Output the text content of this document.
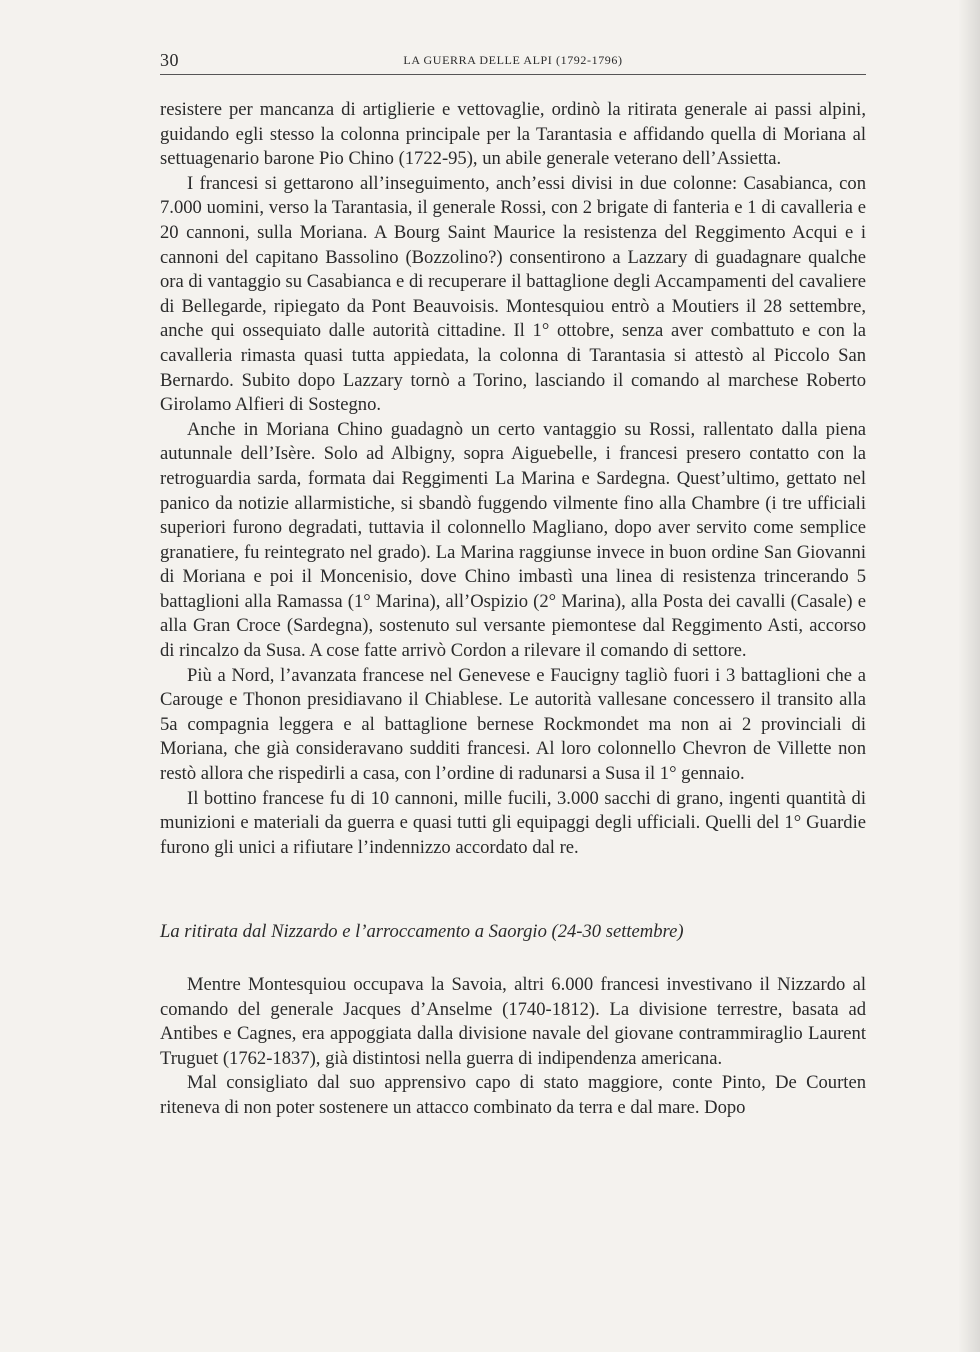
30	LA GUERRA DELLE ALPI (1792-1796)

resistere per mancanza di artiglierie e vettovaglie, ordinò la ritirata generale ai passi alpini, guidando egli stesso la colonna principale per la Tarantasia e affidando quella di Moriana al settuagenario barone Pio Chino (1722-95), un abile generale veterano dell’Assietta.

I francesi si gettarono all’inseguimento, anch’essi divisi in due colonne: Casabianca, con 7.000 uomini, verso la Tarantasia, il generale Rossi, con 2 brigate di fanteria e 1 di cavalleria e 20 cannoni, sulla Moriana. A Bourg Saint Maurice la resistenza del Reggimento Acqui e i cannoni del capitano Bassolino (Bozzolino?) consentirono a Lazzary di guadagnare qualche ora di vantaggio su Casabianca e di recuperare il battaglione degli Accampamenti del cavaliere di Bellegarde, ripiegato da Pont Beauvoisis. Montesquiou entrò a Moutiers il 28 settembre, anche qui ossequiato dalle autorità cittadine. Il 1° ottobre, senza aver combattuto e con la cavalleria rimasta quasi tutta appiedata, la colonna di Tarantasia si attestò al Piccolo San Bernardo. Subito dopo Lazzary tornò a Torino, lasciando il comando al marchese Roberto Girolamo Alfieri di Sostegno.

Anche in Moriana Chino guadagnò un certo vantaggio su Rossi, rallentato dalla piena autunnale dell’Isère. Solo ad Albigny, sopra Aiguebelle, i francesi presero contatto con la retroguardia sarda, formata dai Reggimenti La Marina e Sardegna. Quest’ultimo, gettato nel panico da notizie allarmistiche, si sbandò fuggendo vilmente fino alla Chambre (i tre ufficiali superiori furono degradati, tuttavia il colonnello Magliano, dopo aver servito come semplice granatiere, fu reintegrato nel grado). La Marina raggiunse invece in buon ordine San Giovanni di Moriana e poi il Moncenisio, dove Chino imbastì una linea di resistenza trincerando 5 battaglioni alla Ramassa (1° Marina), all’Ospizio (2° Marina), alla Posta dei cavalli (Casale) e alla Gran Croce (Sardegna), sostenuto sul versante piemontese dal Reggimento Asti, accorso di rincalzo da Susa. A cose fatte arrivò Cordon a rilevare il comando di settore.

Più a Nord, l’avanzata francese nel Genevese e Faucigny tagliò fuori i 3 battaglioni che a Carouge e Thonon presidiavano il Chiablese. Le autorità vallesane concessero il transito alla 5a compagnia leggera e al battaglione bernese Rockmondet ma non ai 2 provinciali di Moriana, che già consideravano sudditi francesi. Al loro colonnello Chevron de Villette non restò allora che rispedirli a casa, con l’ordine di radunarsi a Susa il 1° gennaio.

Il bottino francese fu di 10 cannoni, mille fucili, 3.000 sacchi di grano, ingenti quantità di munizioni e materiali da guerra e quasi tutti gli equipaggi degli ufficiali. Quelli del 1° Guardie furono gli unici a rifiutare l’indennizzo accordato dal re.

La ritirata dal Nizzardo e l’arroccamento a Saorgio (24-30 settembre)

Mentre Montesquiou occupava la Savoia, altri 6.000 francesi investivano il Nizzardo al comando del generale Jacques d’Anselme (1740-1812). La divisione terrestre, basata ad Antibes e Cagnes, era appoggiata dalla divisione navale del giovane contrammiraglio Laurent Truguet (1762-1837), già distintosi nella guerra di indipendenza americana.

Mal consigliato dal suo apprensivo capo di stato maggiore, conte Pinto, De Courten riteneva di non poter sostenere un attacco combinato da terra e dal mare. Dopo
